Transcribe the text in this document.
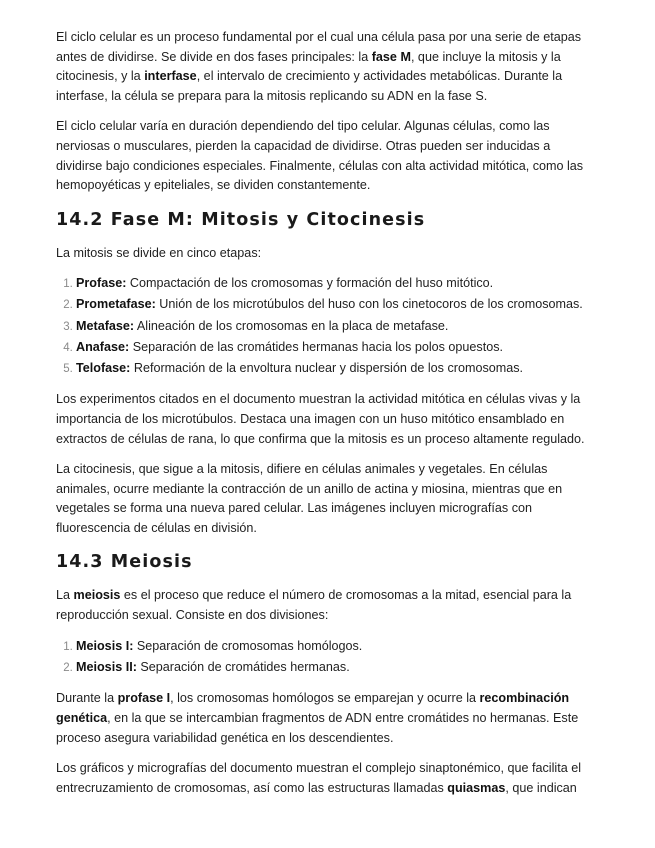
El ciclo celular es un proceso fundamental por el cual una célula pasa por una serie de etapas antes de dividirse. Se divide en dos fases principales: la fase M, que incluye la mitosis y la citocinesis, y la interfase, el intervalo de crecimiento y actividades metabólicas. Durante la interfase, la célula se prepara para la mitosis replicando su ADN en la fase S.

El ciclo celular varía en duración dependiendo del tipo celular. Algunas células, como las nerviosas o musculares, pierden la capacidad de dividirse. Otras pueden ser inducidas a dividirse bajo condiciones especiales. Finalmente, células con alta actividad mitótica, como las hemopoyéticas y epiteliales, se dividen constantemente.

14.2 Fase M: Mitosis y Citocinesis

La mitosis se divide en cinco etapas:

1. Profase: Compactación de los cromosomas y formación del huso mitótico.
2. Prometafase: Unión de los microtúbulos del huso con los cinetocoros de los cromosomas.
3. Metafase: Alineación de los cromosomas en la placa de metafase.
4. Anafase: Separación de las cromátides hermanas hacia los polos opuestos.
5. Telofase: Reformación de la envoltura nuclear y dispersión de los cromosomas.

Los experimentos citados en el documento muestran la actividad mitótica en células vivas y la importancia de los microtúbulos. Destaca una imagen con un huso mitótico ensamblado en extractos de células de rana, lo que confirma que la mitosis es un proceso altamente regulado.

La citocinesis, que sigue a la mitosis, difiere en células animales y vegetales. En células animales, ocurre mediante la contracción de un anillo de actina y miosina, mientras que en vegetales se forma una nueva pared celular. Las imágenes incluyen micrografías con fluorescencia de células en división.

14.3 Meiosis

La meiosis es el proceso que reduce el número de cromosomas a la mitad, esencial para la reproducción sexual. Consiste en dos divisiones:

1. Meiosis I: Separación de cromosomas homólogos.
2. Meiosis II: Separación de cromátides hermanas.

Durante la profase I, los cromosomas homólogos se emparejan y ocurre la recombinación genética, en la que se intercambian fragmentos de ADN entre cromátides no hermanas. Este proceso asegura variabilidad genética en los descendientes.

Los gráficos y micrografías del documento muestran el complejo sinaptonémico, que facilita el entrecruzamiento de cromosomas, así como las estructuras llamadas quiasmas, que indican
